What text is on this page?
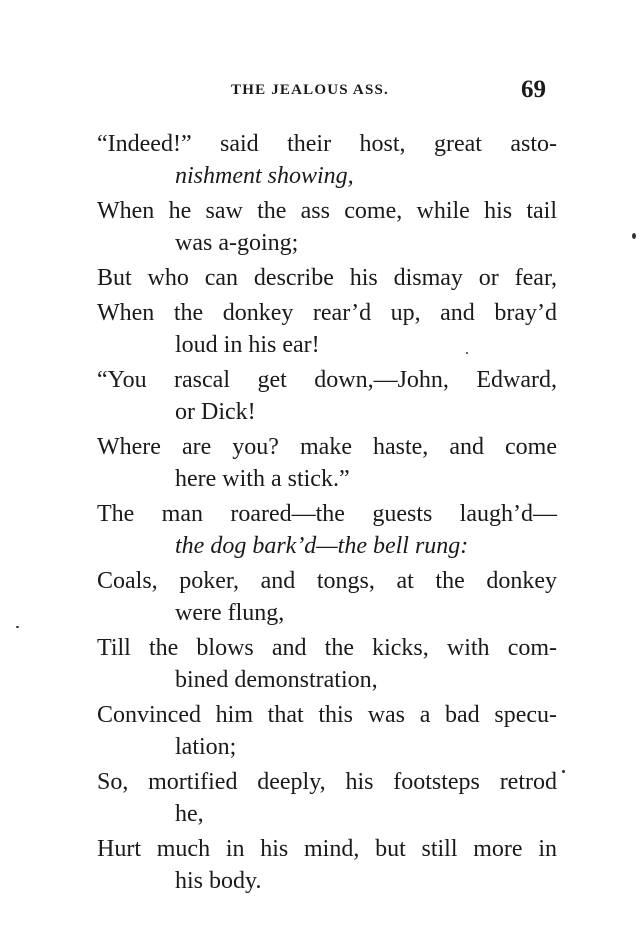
THE JEALOUS ASS.	69
“Indeed!” said their host, great asto-
nishment showing,
When he saw the ass come, while his tail
was a-going;
But who can describe his dismay or fear,
When the donkey rear’d up, and bray’d
loud in his ear!
“You rascal get down,—John, Edward,
or Dick!
Where are you? make haste, and come
here with a stick.”
The man roared—the guests laugh’d—
the dog bark’d—the bell rung:
Coals, poker, and tongs, at the donkey
were flung,
Till the blows and the kicks, with com-
bined demonstration,
Convinced him that this was a bad specu-
lation;
So, mortified deeply, his footsteps retrod
he,
Hurt much in his mind, but still more in
his body.
